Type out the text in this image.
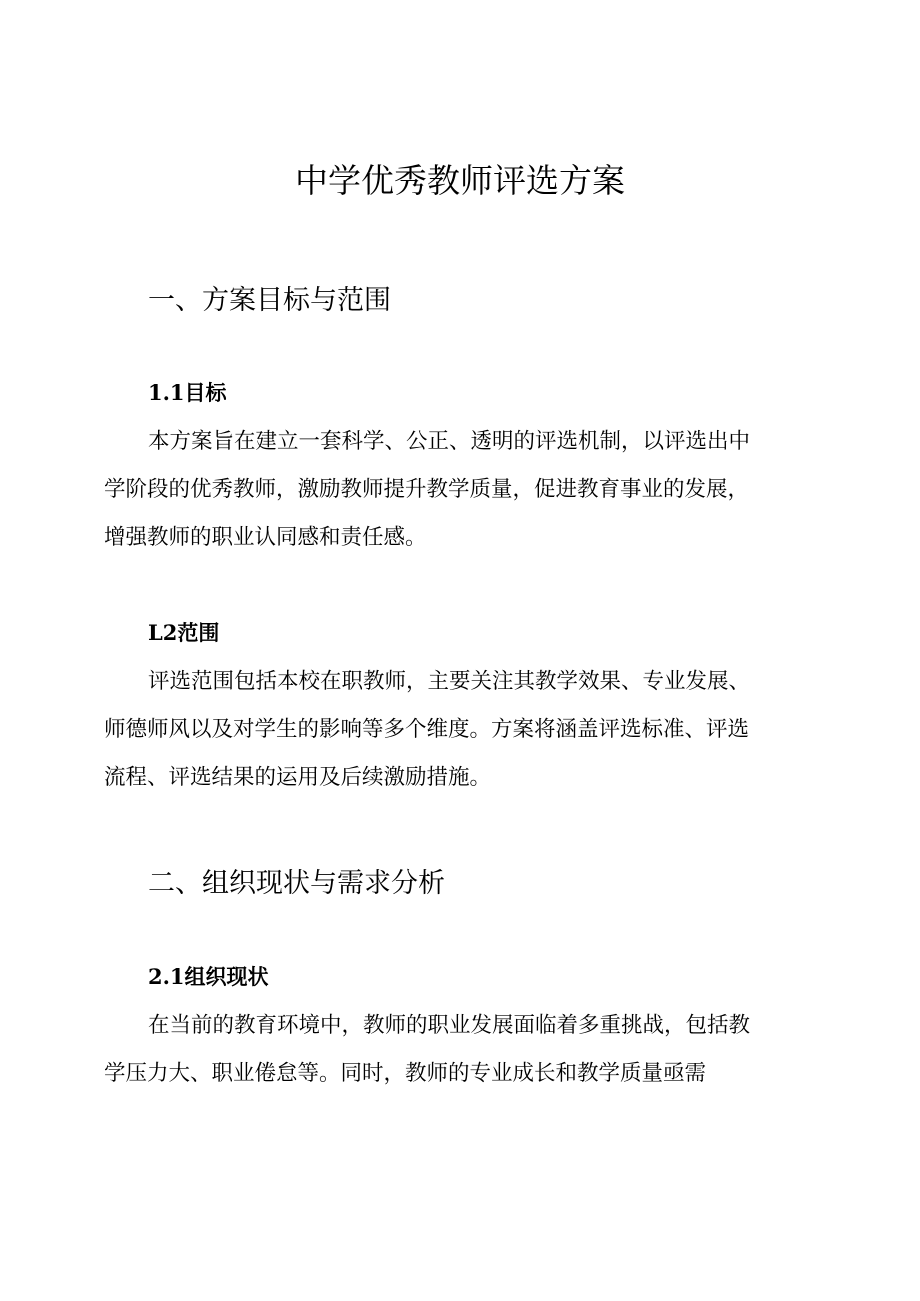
中学优秀教师评选方案
一、方案目标与范围
1.1目标
本方案旨在建立一套科学、公正、透明的评选机制，以评选出中
学阶段的优秀教师，激励教师提升教学质量，促进教育事业的发展，
增强教师的职业认同感和责任感。
L2范围
评选范围包括本校在职教师，主要关注其教学效果、专业发展、
师德师风以及对学生的影响等多个维度。方案将涵盖评选标准、评选
流程、评选结果的运用及后续激励措施。
二、组织现状与需求分析
2.1组织现状
在当前的教育环境中，教师的职业发展面临着多重挑战，包括教
学压力大、职业倦怠等。同时，教师的专业成长和教学质量亟需
